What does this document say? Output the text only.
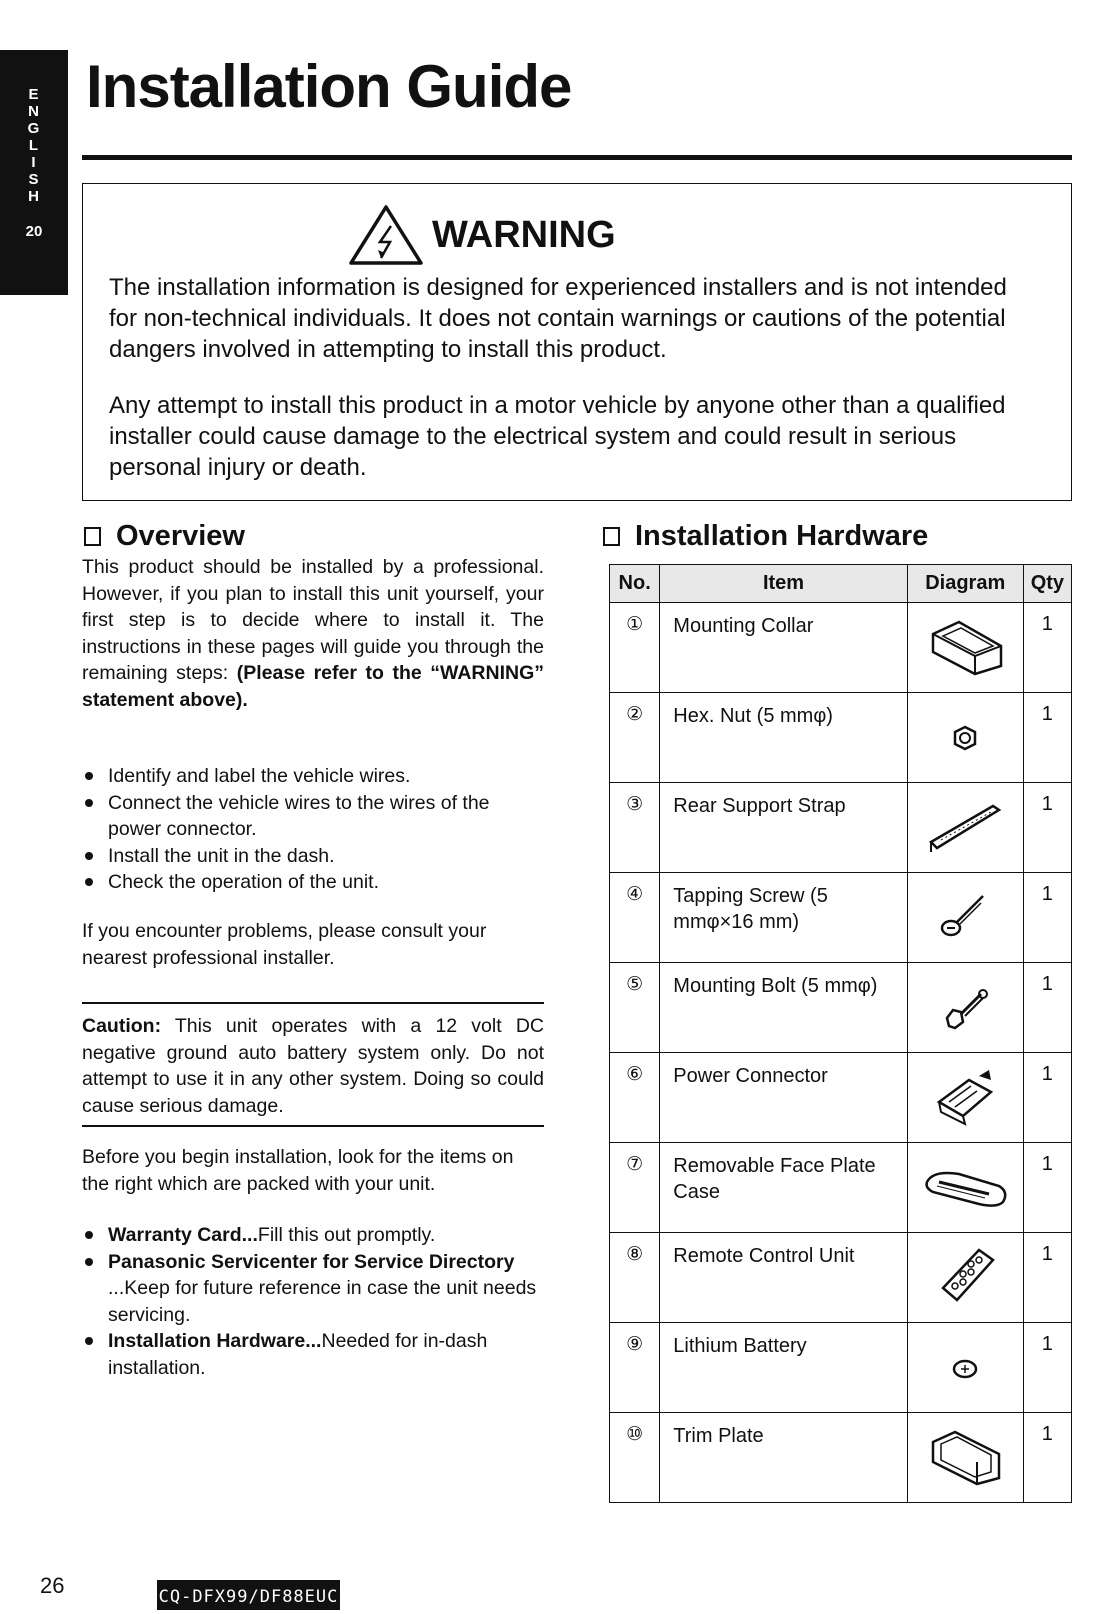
E
N
G
L
I
S
H
20
Installation Guide
WARNING

The installation information is designed for experienced installers and is not intended for non-technical individuals. It does not contain warnings or cautions of the potential dangers involved in attempting to install this product.

Any attempt to install this product in a motor vehicle by anyone other than a qualified installer could cause damage to the electrical system and could result in serious personal injury or death.

Overview

This product should be installed by a professional. However, if you plan to install this unit yourself, your first step is to decide where to install it. The instructions in these pages will guide you through the remaining steps: (Please refer to the “WARNING” statement above).

Identify and label the vehicle wires.
Connect the vehicle wires to the wires of the power connector.
Install the unit in the dash.
Check the operation of the unit.

If you encounter problems, please consult your nearest professional installer.

Caution: This unit operates with a 12 volt DC negative ground auto battery system only. Do not attempt to use it in any other system. Doing so could cause serious damage.

Before you begin installation, look for the items on the right which are packed with your unit.

Warranty Card...Fill this out promptly.
Panasonic Servicenter for Service Directory
...Keep for future reference in case the unit needs servicing.
Installation Hardware...Needed for in-dash installation.
Installation Hardware
No.	Item	Diagram	Qty
①	Mounting Collar		1
②	Hex. Nut (5 mmφ)		1
③	Rear Support Strap		1
④	Tapping Screw (5 mmφ×16 mm)		1
⑤	Mounting Bolt (5 mmφ)		1
⑥	Power Connector		1
⑦	Removable Face Plate Case		1
⑧	Remote Control Unit		1
⑨	Lithium Battery		1
⑩	Trim Plate		1
26	CQ-DFX99/DF88EUC
